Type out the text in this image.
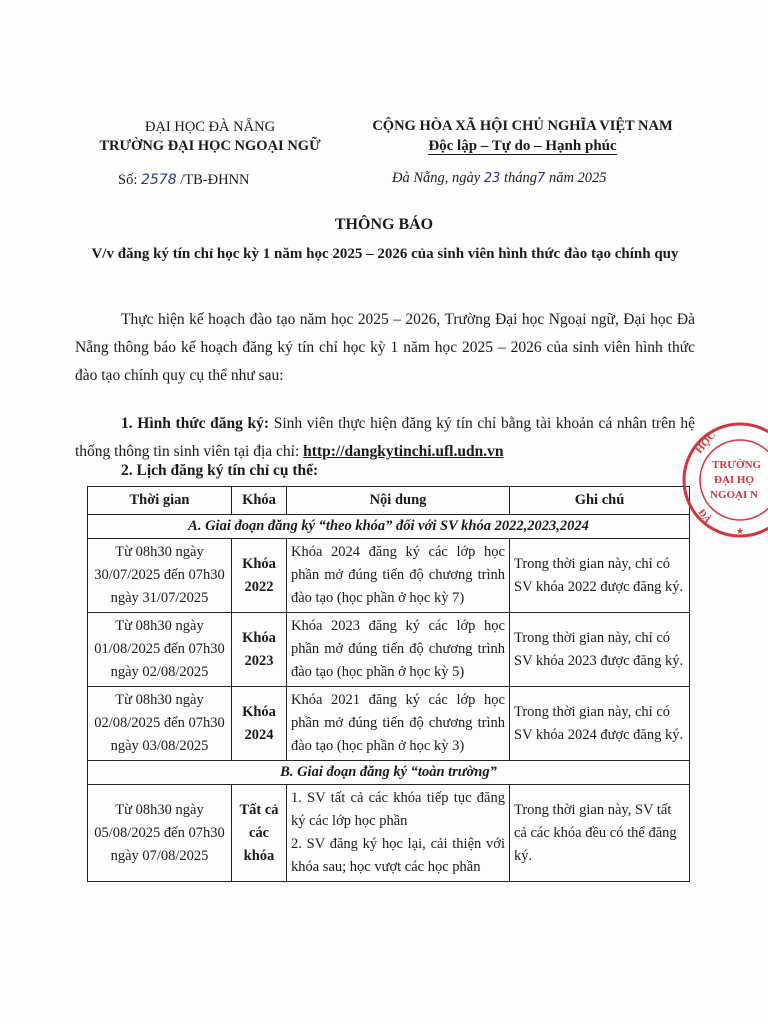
ĐẠI HỌC ĐÀ NẴNG
TRƯỜNG ĐẠI HỌC NGOẠI NGỮ
CỘNG HÒA XÃ HỘI CHỦ NGHĨA VIỆT NAM
Độc lập – Tự do – Hạnh phúc
Số: 2578 /TB-ĐHNN	Đà Nẵng, ngày 23 tháng7 năm 2025
THÔNG BÁO
V/v đăng ký tín chỉ học kỳ 1 năm học 2025 – 2026 của sinh viên hình thức đào tạo chính quy
Thực hiện kế hoạch đào tạo năm học 2025 – 2026, Trường Đại học Ngoại ngữ, Đại học Đà Nẵng thông báo kế hoạch đăng ký tín chỉ học kỳ 1 năm học 2025 – 2026 của sinh viên hình thức đào tạo chính quy cụ thể như sau:
1. Hình thức đăng ký: Sinh viên thực hiện đăng ký tín chỉ bằng tài khoản cá nhân trên hệ thống thông tin sinh viên tại địa chỉ: http://dangkytinchi.ufl.udn.vn
2. Lịch đăng ký tín chỉ cụ thể:
Thời gian	Khóa	Nội dung	Ghi chú
A. Giai đoạn đăng ký “theo khóa” đối với SV khóa 2022,2023,2024			
Từ 08h30 ngày 30/07/2025 đến 07h30 ngày 31/07/2025	Khóa 2022	Khóa 2024 đăng ký các lớp học phần mở đúng tiến độ chương trình đào tạo (học phần ở học kỳ 7)	Trong thời gian này, chỉ có SV khóa 2022 được đăng ký.
Từ 08h30 ngày 01/08/2025 đến 07h30 ngày 02/08/2025	Khóa 2023	Khóa 2023 đăng ký các lớp học phần mở đúng tiến độ chương trình đào tạo (học phần ở học kỳ 5)	Trong thời gian này, chỉ có SV khóa 2023 được đăng ký.
Từ 08h30 ngày 02/08/2025 đến 07h30 ngày 03/08/2025	Khóa 2024	Khóa 2021 đăng ký các lớp học phần mở đúng tiến độ chương trình đào tạo (học phần ở học kỳ 3)	Trong thời gian này, chỉ có SV khóa 2024 được đăng ký.
B. Giai đoạn đăng ký “toàn trường”			
Từ 08h30 ngày 05/08/2025 đến 07h30 ngày 07/08/2025	Tất cả các khóa	1. SV tất cả các khóa tiếp tục đăng ký các lớp học phần
2. SV đăng ký học lại, cải thiện với khóa sau; học vượt các học phần	Trong thời gian này, SV tất cả các khóa đều có thể đăng ký.
HỌC
TRƯỜNG
ĐẠI HỌ
NGOẠI N
ĐÀ
★
